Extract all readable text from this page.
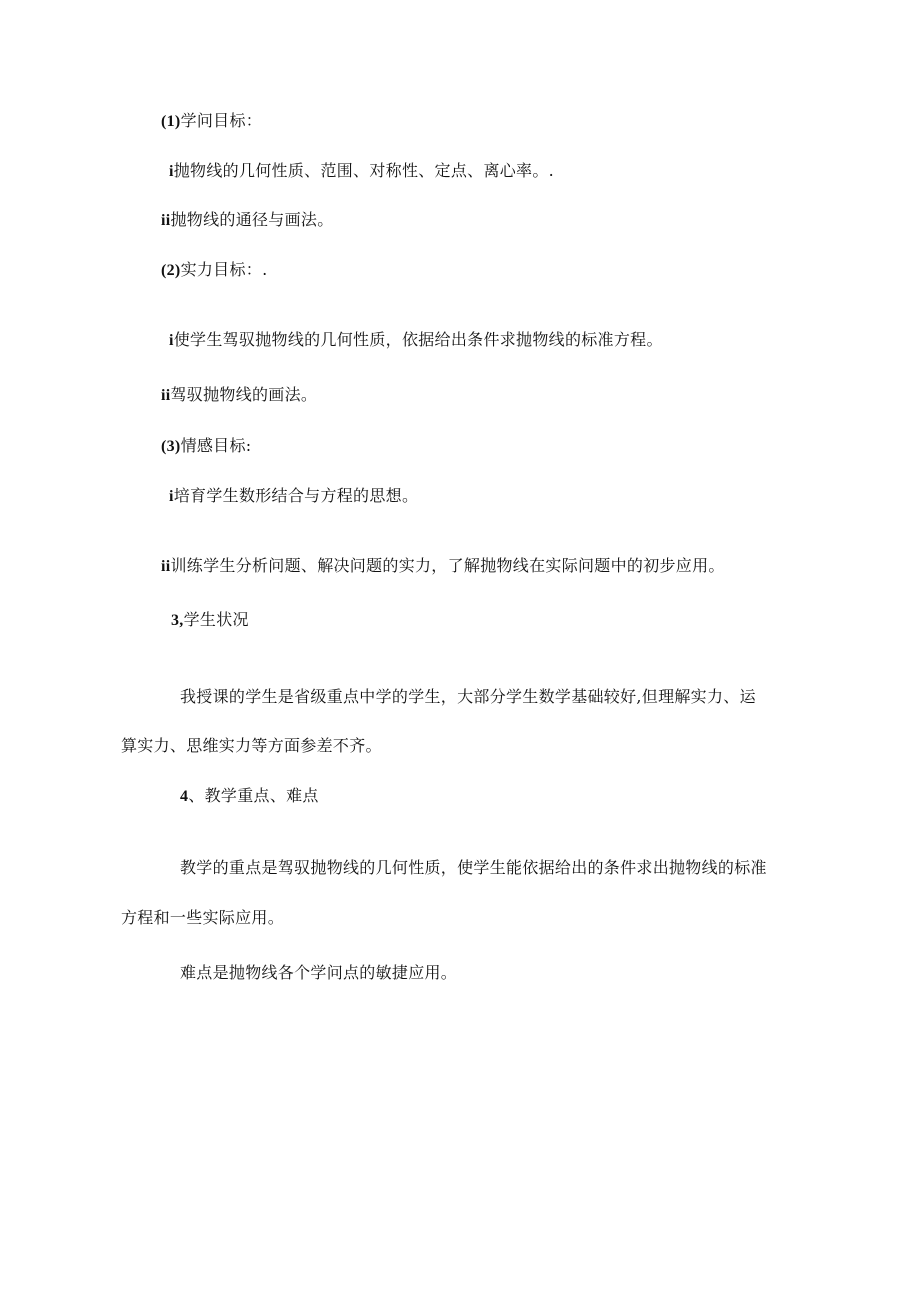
(1)学问目标：
i抛物线的几何性质、范围、对称性、定点、离心率。.
ii抛物线的通径与画法。
(2)实力目标：.
i使学生驾驭抛物线的几何性质，依据给出条件求抛物线的标准方程。
ii驾驭抛物线的画法。
(3)情感目标:
i培育学生数形结合与方程的思想。
ii训练学生分析问题、解决问题的实力，了解抛物线在实际问题中的初步应用。
3,学生状况
我授课的学生是省级重点中学的学生，大部分学生数学基础较好,但理解实力、运
算实力、思维实力等方面参差不齐。
4、教学重点、难点
教学的重点是驾驭抛物线的几何性质，使学生能依据给出的条件求出抛物线的标准
方程和一些实际应用。
难点是抛物线各个学问点的敏捷应用。
